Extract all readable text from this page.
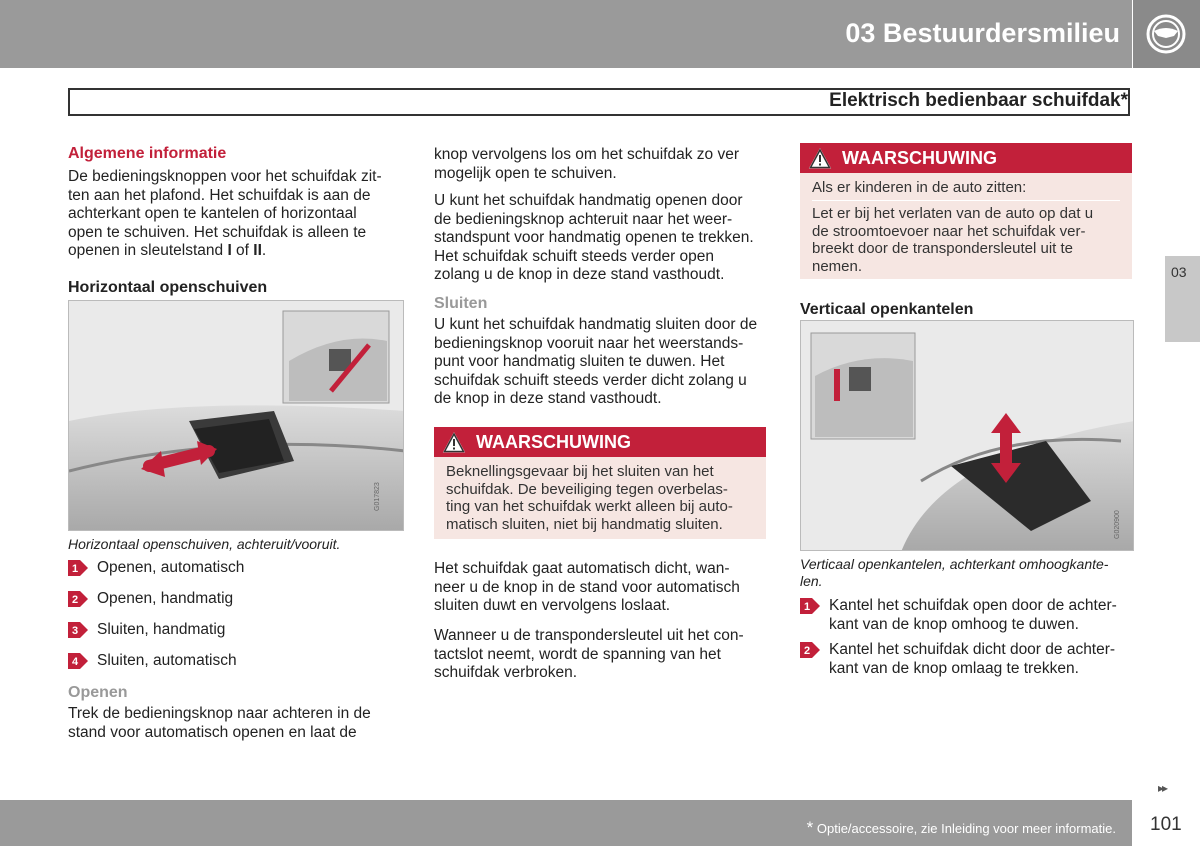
03 Bestuurdersmilieu
Elektrisch bedienbaar schuifdak*
03
Algemene informatie
De bedieningsknoppen voor het schuifdak zit-
ten aan het plafond. Het schuifdak is aan de
achterkant open te kantelen of horizontaal
open te schuiven. Het schuifdak is alleen te
openen in sleutelstand I of II.
Horizontaal openschuiven
G017823
Horizontaal openschuiven, achteruit/vooruit.
1 Openen, automatisch
2 Openen, handmatig
3 Sluiten, handmatig
4 Sluiten, automatisch
Openen
Trek de bedieningsknop naar achteren in de
stand voor automatisch openen en laat de
knop vervolgens los om het schuifdak zo ver
mogelijk open te schuiven.
U kunt het schuifdak handmatig openen door
de bedieningsknop achteruit naar het weer-
standspunt voor handmatig openen te trekken.
Het schuifdak schuift steeds verder open
zolang u de knop in deze stand vasthoudt.
Sluiten
U kunt het schuifdak handmatig sluiten door de
bedieningsknop vooruit naar het weerstands-
punt voor handmatig sluiten te duwen. Het
schuifdak schuift steeds verder dicht zolang u
de knop in deze stand vasthoudt.
WAARSCHUWING
Beknellingsgevaar bij het sluiten van het
schuifdak. De beveiliging tegen overbelas-
ting van het schuifdak werkt alleen bij auto-
matisch sluiten, niet bij handmatig sluiten.
Het schuifdak gaat automatisch dicht, wan-
neer u de knop in de stand voor automatisch
sluiten duwt en vervolgens loslaat.
Wanneer u de transpondersleutel uit het con-
tactslot neemt, wordt de spanning van het
schuifdak verbroken.
WAARSCHUWING
Als er kinderen in de auto zitten:
Let er bij het verlaten van de auto op dat u
de stroomtoevoer naar het schuifdak ver-
breekt door de transpondersleutel uit te
nemen.
Verticaal openkantelen
G020900
Verticaal openkantelen, achterkant omhoogkante-
len.
1 Kantel het schuifdak open door de achter-
kant van de knop omhoog te duwen.
2 Kantel het schuifdak dicht door de achter-
kant van de knop omlaag te trekken.
▸▸
* Optie/accessoire, zie Inleiding voor meer informatie. 101
